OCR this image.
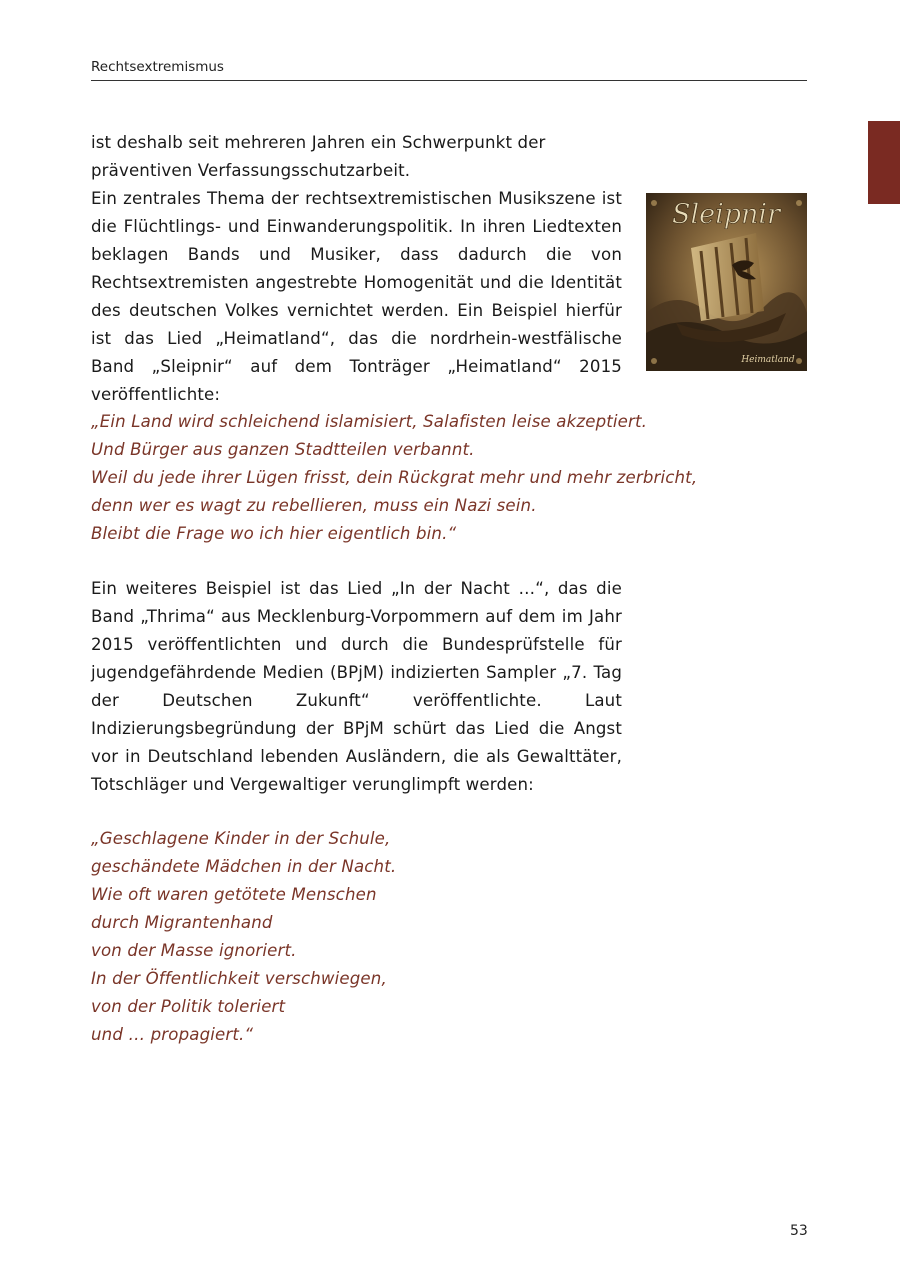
Rechtsextremismus

ist deshalb seit mehreren Jahren ein Schwerpunkt der präventiven Verfassungsschutzarbeit.

Ein zentrales Thema der rechtsextremistischen Musikszene ist die Flüchtlings- und Einwanderungspolitik. In ihren Liedtexten beklagen Bands und Musiker, dass dadurch die von Rechtsextremisten angestrebte Homogenität und die Identität des deutschen Volkes vernichtet werden. Ein Beispiel hierfür ist das Lied „Heimatland“, das die nordrhein-westfälische Band „Sleipnir“ auf dem Tonträger „Heimatland“ 2015 veröffentlichte:

Sleipnir
Heimatland
„Ein Land wird schleichend islamisiert, Salafisten leise akzeptiert.
Und Bürger aus ganzen Stadtteilen verbannt.
Weil du jede ihrer Lügen frisst, dein Rückgrat mehr und mehr zerbricht,
denn wer es wagt zu rebellieren, muss ein Nazi sein.
Bleibt die Frage wo ich hier eigentlich bin.“

Ein weiteres Beispiel ist das Lied „In der Nacht …“, das die Band „Thrima“ aus Mecklenburg-Vorpommern auf dem im Jahr 2015 veröffentlichten und durch die Bundesprüfstelle für jugendgefährdende Medien (BPjM) indizierten Sampler „7. Tag der Deutschen Zukunft“ veröffentlichte. Laut Indizierungsbegründung der BPjM schürt das Lied die Angst vor in Deutschland lebenden Ausländern, die als Gewalttäter, Totschläger und Vergewaltiger verunglimpft werden:

„Geschlagene Kinder in der Schule,
geschändete Mädchen in der Nacht.
Wie oft waren getötete Menschen
durch Migrantenhand
von der Masse ignoriert.
In der Öffentlichkeit verschwiegen,
von der Politik toleriert
und … propagiert.“
53
